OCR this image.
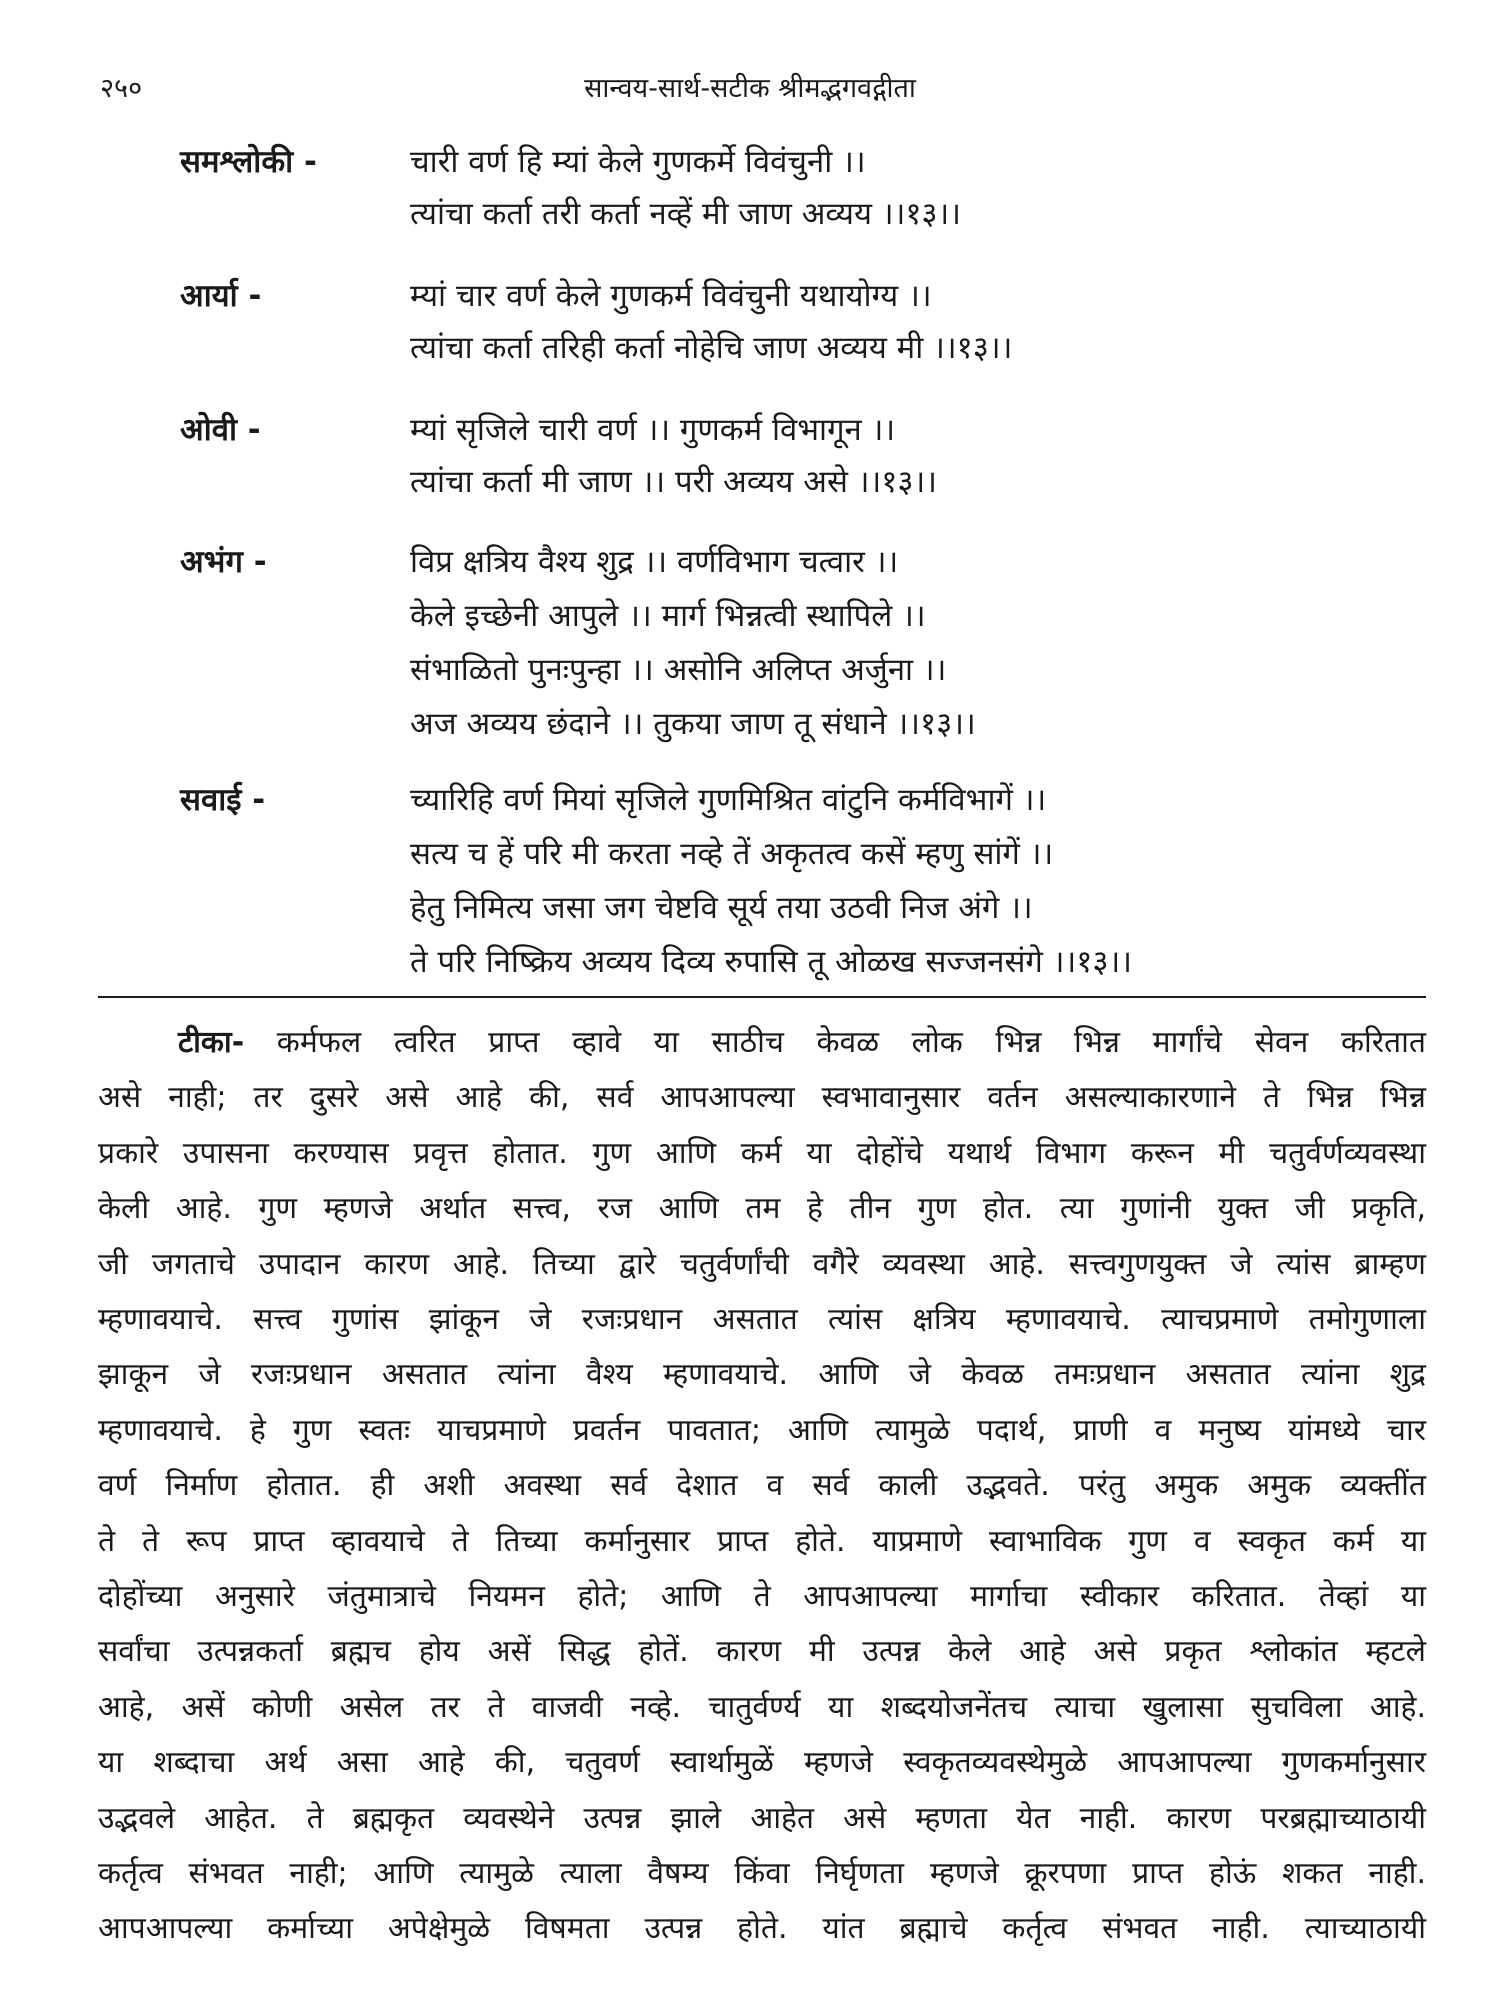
२५०	सान्वय-सार्थ-सटीक श्रीमद्भगवद्गीता
समश्लोकी -	चारी वर्ण हि म्यां केले गुणकर्मे विवंचुनी ।।
त्यांचा कर्ता तरी कर्ता नव्हें मी जाण अव्यय ।।१३।।
आर्या -	म्यां चार वर्ण केले गुणकर्म विवंचुनी यथायोग्य ।।
त्यांचा कर्ता तरिही कर्ता नोहेचि जाण अव्यय मी ।।१३।।
ओवी -	म्यां सृजिले चारी वर्ण ।। गुणकर्म विभागून ।।
त्यांचा कर्ता मी जाण ।। परी अव्यय असे ।।१३।।
अभंग -	विप्र क्षत्रिय वैश्य शुद्र ।। वर्णविभाग चत्वार ।।
केले इच्छेनी आपुले ।। मार्ग भिन्नत्वी स्थापिले ।।
संभाळितो पुनःपुन्हा ।। असोनि अलिप्त अर्जुना ।।
अज अव्यय छंदाने ।। तुकया जाण तू संधाने ।।१३।।
सवाई -	च्यारिहि वर्ण मियां सृजिले गुणमिश्रित वांटुनि कर्मविभागें ।।
सत्य च हें परि मी करता नव्हे तें अकृतत्व कसें म्हणु सांगें ।।
हेतु निमित्य जसा जग चेष्टवि सूर्य तया उठवी निज अंगे ।।
ते परि निष्क्रिय अव्यय दिव्य रुपासि तू ओळख सज्जनसंगे ।।१३।।
टीका- कर्मफल त्वरित प्राप्त व्हावे या साठीच केवळ लोक भिन्न भिन्न मार्गांचे सेवन करितात
असे नाही; तर दुसरे असे आहे की, सर्व आपआपल्या स्वभावानुसार वर्तन असल्याकारणाने ते भिन्न भिन्न
प्रकारे उपासना करण्यास प्रवृत्त होतात. गुण आणि कर्म या दोहोंचे यथार्थ विभाग करून मी चतुर्वर्णव्यवस्था
केली आहे. गुण म्हणजे अर्थात सत्त्व, रज आणि तम हे तीन गुण होत. त्या गुणांनी युक्त जी प्रकृति,
जी जगताचे उपादान कारण आहे. तिच्या द्वारे चतुर्वर्णांची वगैरे व्यवस्था आहे. सत्त्वगुणयुक्त जे त्यांस ब्राम्हण
म्हणावयाचे. सत्त्व गुणांस झांकून जे रजःप्रधान असतात त्यांस क्षत्रिय म्हणावयाचे. त्याचप्रमाणे तमोगुणाला
झाकून जे रजःप्रधान असतात त्यांना वैश्य म्हणावयाचे. आणि जे केवळ तमःप्रधान असतात त्यांना शुद्र
म्हणावयाचे. हे गुण स्वतः याचप्रमाणे प्रवर्तन पावतात; आणि त्यामुळे पदार्थ, प्राणी व मनुष्य यांमध्ये चार
वर्ण निर्माण होतात. ही अशी अवस्था सर्व देशात व सर्व काली उद्भवते. परंतु अमुक अमुक व्यक्तींत
ते ते रूप प्राप्त व्हावयाचे ते तिच्या कर्मानुसार प्राप्त होते. याप्रमाणे स्वाभाविक गुण व स्वकृत कर्म या
दोहोंच्या अनुसारे जंतुमात्राचे नियमन होते; आणि ते आपआपल्या मार्गाचा स्वीकार करितात. तेव्हां या
सर्वांचा उत्पन्नकर्ता ब्रह्मच होय असें सिद्ध होतें. कारण मी उत्पन्न केले आहे असे प्रकृत श्लोकांत म्हटले
आहे, असें कोणी असेल तर ते वाजवी नव्हे. चातुर्वर्ण्य या शब्दयोजनेंतच त्याचा खुलासा सुचविला आहे.
या शब्दाचा अर्थ असा आहे की, चतुवर्ण स्वार्थामुळें म्हणजे स्वकृतव्यवस्थेमुळे आपआपल्या गुणकर्मानुसार
उद्भवले आहेत. ते ब्रह्मकृत व्यवस्थेने उत्पन्न झाले आहेत असे म्हणता येत नाही. कारण परब्रह्माच्याठायी
कर्तृत्व संभवत नाही; आणि त्यामुळे त्याला वैषम्य किंवा निर्घृणता म्हणजे क्रूरपणा प्राप्त होऊं शकत नाही.
आपआपल्या कर्माच्या अपेक्षेमुळे विषमता उत्पन्न होते. यांत ब्रह्माचे कर्तृत्व संभवत नाही. त्याच्याठायी
